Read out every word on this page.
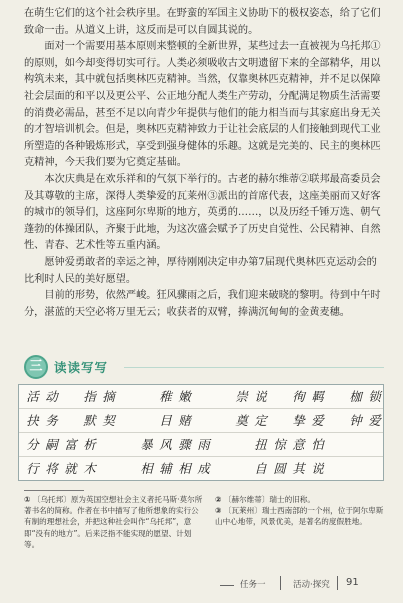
在萌生它们的这个社会秩序里。在野蛮的军国主义协助下的极权姿态，给了它们致命一击。从道义上讲，这反而是可以自圆其说的。

面对一个需要用基本原则来整顿的全新世界，某些过去一直被视为乌托邦①的原则，如今却变得切实可行。人类必须吸收古文明遗留下来的全部精华，用以构筑未来，其中就包括奥林匹克精神。当然，仅靠奥林匹克精神，并不足以保障社会层面的和平以及更公平、公正地分配人类生产劳动，分配满足物质生活需要的消费必需品，甚至不足以向青少年提供与他们的能力相当而与其家庭出身无关的才智培训机会。但是，奥林匹克精神致力于让社会底层的人们接触到现代工业所塑造的各种锻炼形式，享受到强身健体的乐趣。这就是完美的、民主的奥林匹克精神，今天我们要为它奠定基础。

本次庆典是在欢乐祥和的气氛下举行的。古老的赫尔维蒂②联邦最高委员会及其尊敬的主席，深得人类挚爱的瓦莱州③派出的首席代表，这座美丽而又好客的城市的领导们，这座阿尔卑斯的地方，英勇的……，以及历经千锤万选、朝气蓬勃的体操团队，齐聚于此地，为这次盛会赋予了历史自觉性、公民精神、自然性、青春、艺术性等五重内涵。

愿钟爱勇敢者的幸运之神，厚待刚刚决定申办第7届现代奥林匹克运动会的比利时人民的美好愿望。

目前的形势，依然严峻。狂风骤雨之后，我们迎来破晓的黎明。待到中午时分，湛蓝的天空必将万里无云；收获者的双臂，捧满沉甸甸的金黄麦穗。

三 读读写写
活 动 指 摘	稚 嫩	崇 说 徇 羁 枷 锁
抉 务 默 契	目 赌	奠 定 挚 爱 钟 爱
分 嗣 富 析	暴 风 骤 雨	扭 惊 意 怕
行 将 就 木	相 辅 相 成	自 圆 其 说
① 〔乌托邦〕原为英国空想社会主义者托马斯·莫尔所著书名的简称。作者在书中描写了他所想象的实行公有制的理想社会，并把这种社会叫作“乌托邦”，意即“没有的地方”。后来泛指不能实现的愿望、计划等。
② 〔赫尔维蒂〕瑞士的旧称。
③ 〔瓦莱州〕瑞士西南部的一个州，位于阿尔卑斯山中心地带，风景优美，是著名的度假胜地。
任务一	活动·探究 91
